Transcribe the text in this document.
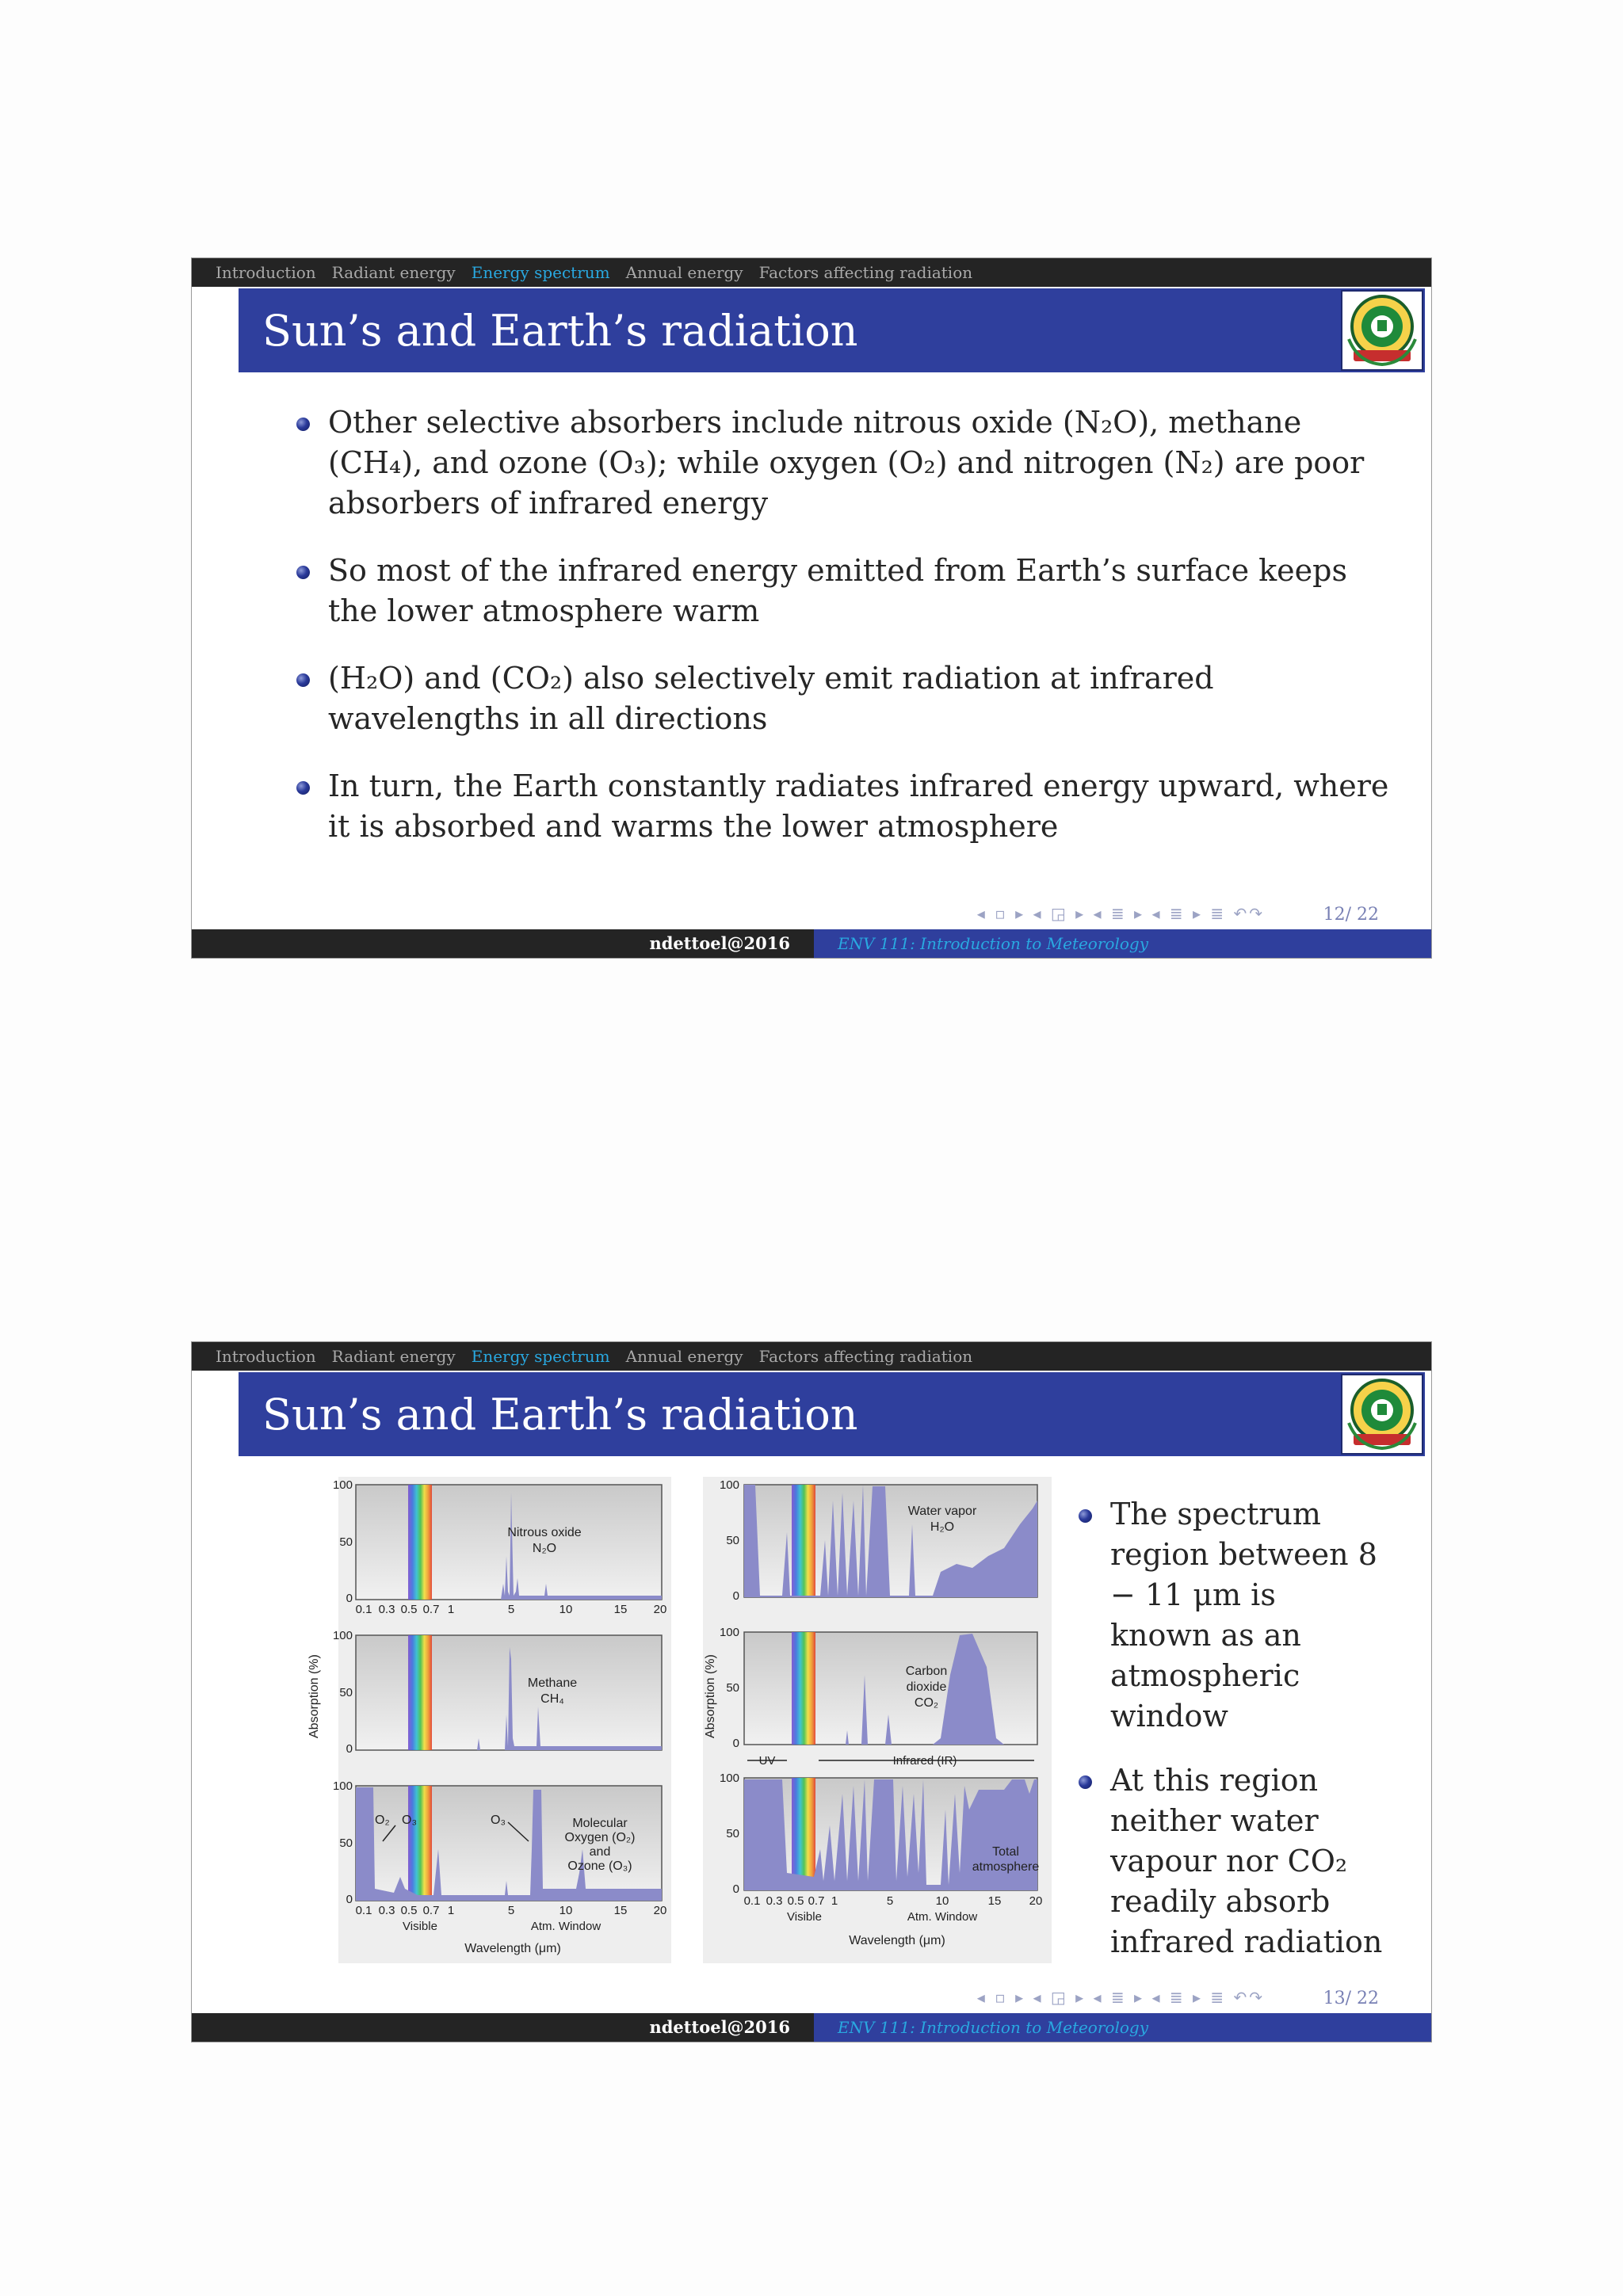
Introduction Radiant energy Energy spectrum Annual energy Factors affecting radiation
Sun’s and Earth’s radiation
Other selective absorbers include nitrous oxide (N₂O), methane (CH₄), and ozone (O₃); while oxygen (O₂) and nitrogen (N₂) are poor absorbers of infrared energy
So most of the infrared energy emitted from Earth’s surface keeps the lower atmosphere warm
(H₂O) and (CO₂) also selectively emit radiation at infrared wavelengths in all directions
In turn, the Earth constantly radiates infrared energy upward, where it is absorbed and warms the lower atmosphere
◂ ▫ ▸ ◂ ◲ ▸ ◂ ≣ ▸ ◂ ≣ ▸ ≣ ↶↷	12/ 22
ndettoel@2016	ENV 111: Introduction to Meteorology
Introduction Radiant energy Energy spectrum Annual energy Factors affecting radiation
Sun’s and Earth’s radiation
Absorption (%)	Absorption (%)
Nitrous oxide
N₂O
100
50
0
0.1 0.3 0.5 0.7 1	5	10	15 20
Methane
CH₄
100
50
0
Molecular
Oxygen (O₂)
and
Ozone (O₃)
O₂ O₃	O₃
100
50
0
0.1 0.3 0.5 0.7 1	5	10	15 20
Visible	Atm. Window
Wavelength (μm)
Water vapor
H₂O
100
50
0
Carbon
dioxide
CO₂
100
50
0
UV	Infrared (IR)
Total
atmosphere
100
50
0
0.1 0.3 0.5 0.7 1	5	10	15 20
Visible	Atm. Window
Wavelength (μm)
The spectrum region between 8 − 11 μm is known as an atmospheric window
At this region neither water vapour nor CO₂ readily absorb infrared radiation
◂ ▫ ▸ ◂ ◲ ▸ ◂ ≣ ▸ ◂ ≣ ▸ ≣ ↶↷	13/ 22
ndettoel@2016	ENV 111: Introduction to Meteorology
